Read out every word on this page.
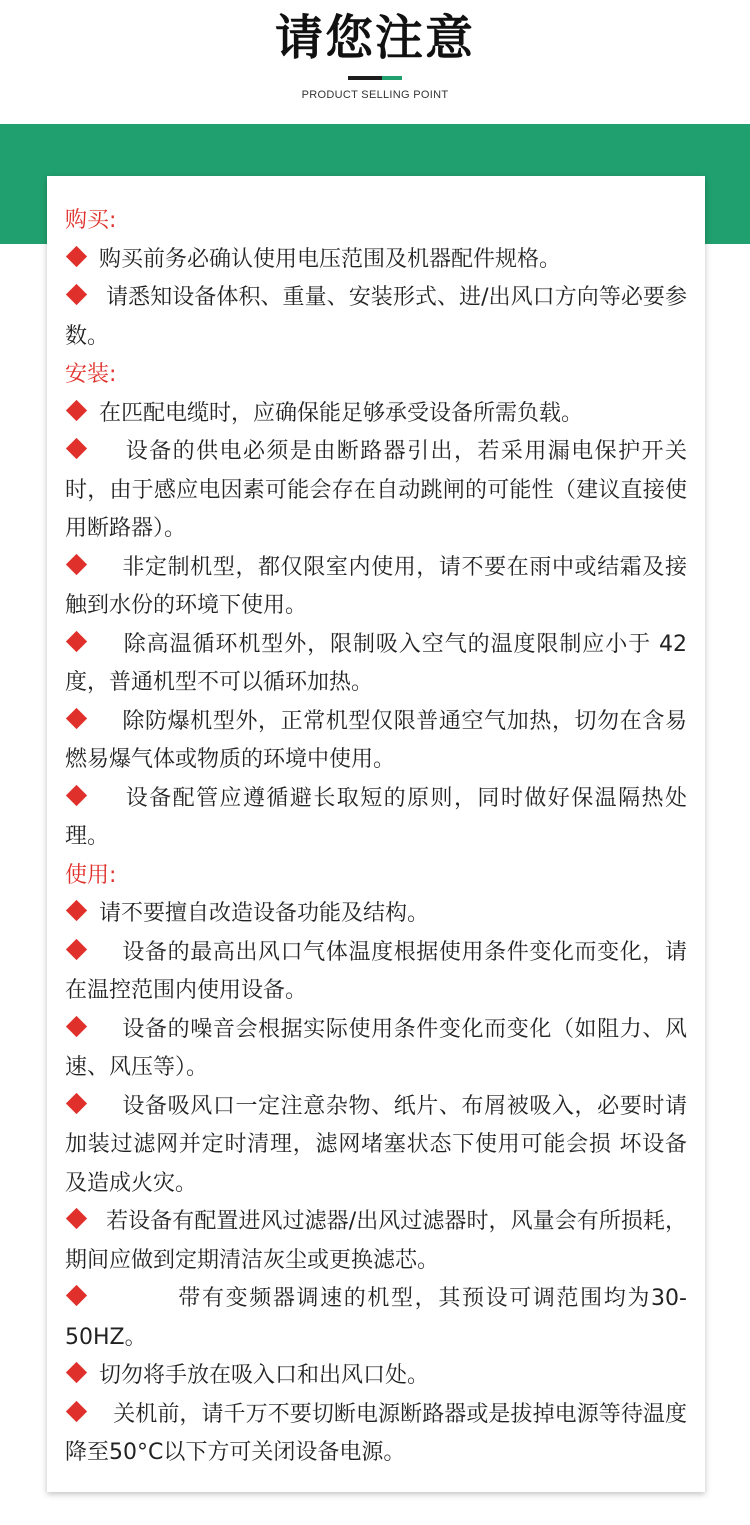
请您注意
PRODUCT SELLING POINT

购买:

购买前务必确认使用电压范围及机器配件规格。

请悉知设备体积、重量、安装形式、进/出风口方向等必要参数。

安装:

在匹配电缆时，应确保能足够承受设备所需负载。

设备的供电必须是由断路器引出，若采用漏电保护开关时，由于感应电因素可能会存在自动跳闸的可能性（建议直接使用断路器）。

非定制机型，都仅限室内使用，请不要在雨中或结霜及接触到水份的环境下使用。

除高温循环机型外，限制吸入空气的温度限制应小于 42 度，普通机型不可以循环加热。

除防爆机型外，正常机型仅限普通空气加热，切勿在含易燃易爆气体或物质的环境中使用。

设备配管应遵循避长取短的原则，同时做好保温隔热处理。

使用:

请不要擅自改造设备功能及结构。

设备的最高出风口气体温度根据使用条件变化而变化，请在温控范围内使用设备。

设备的噪音会根据实际使用条件变化而变化（如阻力、风速、风压等）。

设备吸风口一定注意杂物、纸片、布屑被吸入，必要时请加装过滤网并定时清理，滤网堵塞状态下使用可能会损 坏设备及造成火灾。

若设备有配置进风过滤器/出风过滤器时，风量会有所损耗，期间应做到定期清洁灰尘或更换滤芯。

带有变频器调速的机型，其预设可调范围均为30-50HZ。

切勿将手放在吸入口和出风口处。

关机前，请千万不要切断电源断路器或是拔掉电源等待温度降至50°C以下方可关闭设备电源。
